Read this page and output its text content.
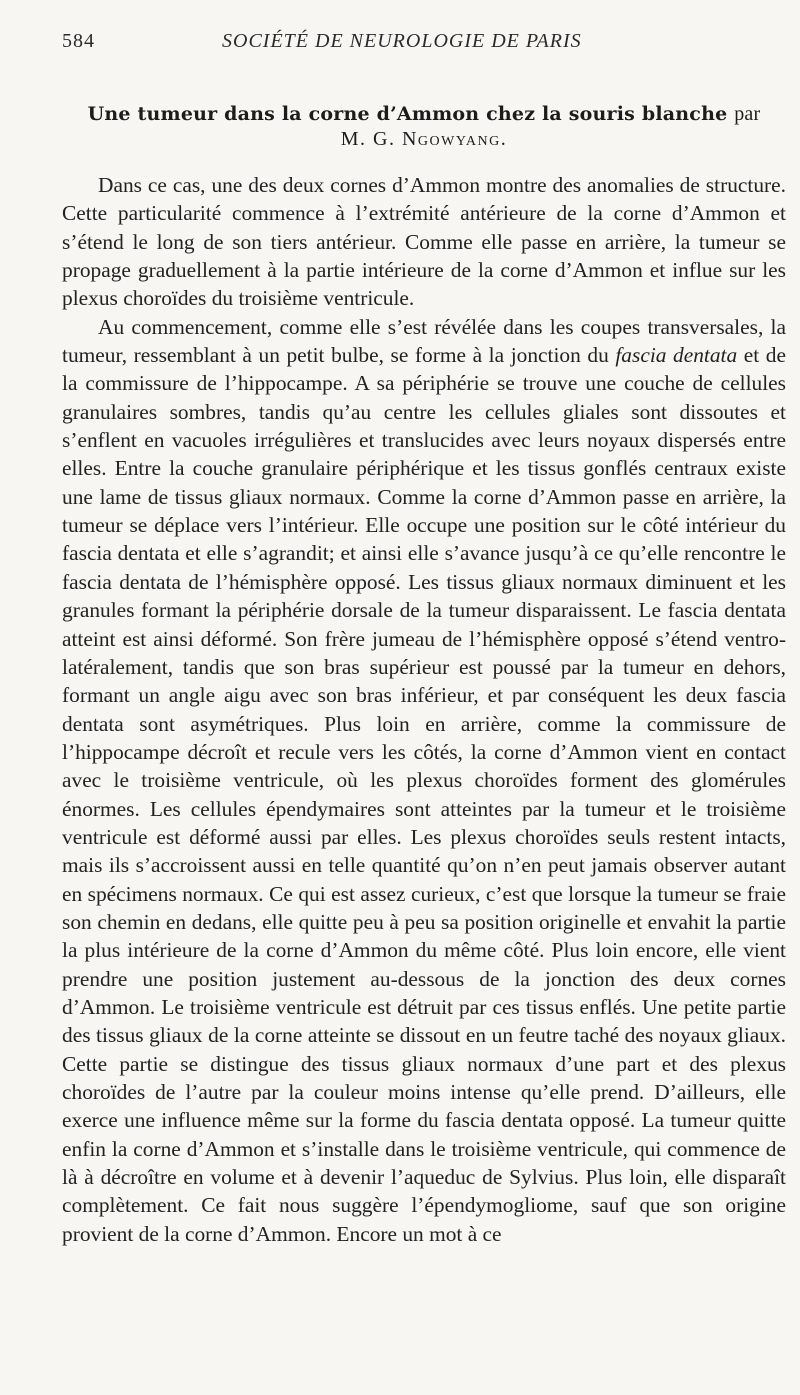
584	SOCIÉTÉ DE NEUROLOGIE DE PARIS
Une tumeur dans la corne d’Ammon chez la souris blanche par
M. G. Ngowyang.

Dans ce cas, une des deux cornes d’Ammon montre des anomalies de structure. Cette particularité commence à l’extrémité antérieure de la corne d’Ammon et s’étend le long de son tiers antérieur. Comme elle passe en arrière, la tumeur se propage graduellement à la partie intérieure de la corne d’Ammon et influe sur les plexus choroïdes du troisième ventricule.

Au commencement, comme elle s’est révélée dans les coupes transversales, la tumeur, ressemblant à un petit bulbe, se forme à la jonction du fascia dentata et de la commissure de l’hippocampe. A sa périphérie se trouve une couche de cellules granulaires sombres, tandis qu’au centre les cellules gliales sont dissoutes et s’enflent en vacuoles irrégulières et translucides avec leurs noyaux dispersés entre elles. Entre la couche granulaire périphérique et les tissus gonflés centraux existe une lame de tissus gliaux normaux. Comme la corne d’Ammon passe en arrière, la tumeur se déplace vers l’intérieur. Elle occupe une position sur le côté intérieur du fascia dentata et elle s’agrandit; et ainsi elle s’avance jusqu’à ce qu’elle rencontre le fascia dentata de l’hémisphère opposé. Les tissus gliaux normaux diminuent et les granules formant la périphérie dorsale de la tumeur disparaissent. Le fascia dentata atteint est ainsi déformé. Son frère jumeau de l’hémisphère opposé s’étend ventro-latéralement, tandis que son bras supérieur est poussé par la tumeur en dehors, formant un angle aigu avec son bras inférieur, et par conséquent les deux fascia dentata sont asymétriques. Plus loin en arrière, comme la commissure de l’hippocampe décroît et recule vers les côtés, la corne d’Ammon vient en contact avec le troisième ventricule, où les plexus choroïdes forment des glomérules énormes. Les cellules épendymaires sont atteintes par la tumeur et le troisième ventricule est déformé aussi par elles. Les plexus choroïdes seuls restent intacts, mais ils s’accroissent aussi en telle quantité qu’on n’en peut jamais observer autant en spécimens normaux. Ce qui est assez curieux, c’est que lorsque la tumeur se fraie son chemin en dedans, elle quitte peu à peu sa position originelle et envahit la partie la plus intérieure de la corne d’Ammon du même côté. Plus loin encore, elle vient prendre une position justement au-dessous de la jonction des deux cornes d’Ammon. Le troisième ventricule est détruit par ces tissus enflés. Une petite partie des tissus gliaux de la corne atteinte se dissout en un feutre taché des noyaux gliaux. Cette partie se distingue des tissus gliaux normaux d’une part et des plexus choroïdes de l’autre par la couleur moins intense qu’elle prend. D’ailleurs, elle exerce une influence même sur la forme du fascia dentata opposé. La tumeur quitte enfin la corne d’Ammon et s’installe dans le troisième ventricule, qui commence de là à décroître en volume et à devenir l’aqueduc de Sylvius. Plus loin, elle disparaît complètement. Ce fait nous suggère l’épendymogliome, sauf que son origine provient de la corne d’Ammon. Encore un mot à ce
